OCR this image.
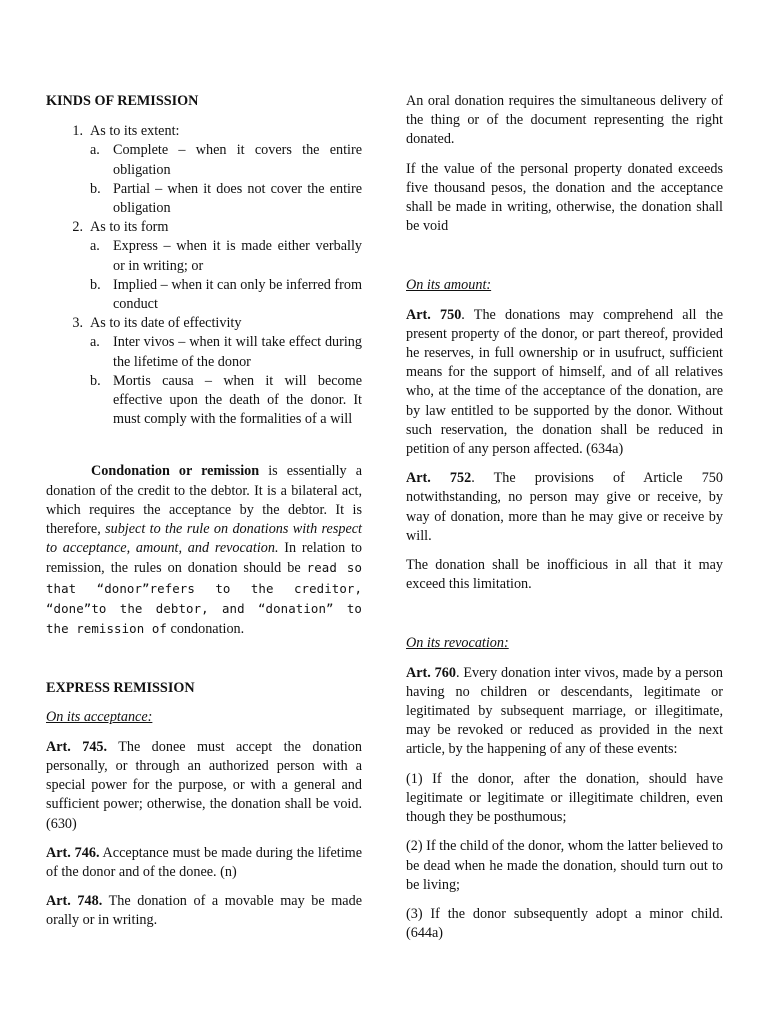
KINDS OF REMISSION

1. As to its extent:
a. Complete – when it covers the entire obligation
b. Partial – when it does not cover the entire obligation
2. As to its form
a. Express – when it is made either verbally or in writing; or
b. Implied – when it can only be inferred from conduct
3. As to its date of effectivity
a. Inter vivos – when it will take effect during the lifetime of the donor
b. Mortis causa – when it will become effective upon the death of the donor. It must comply with the formalities of a will

Condonation or remission is essentially a donation of the credit to the debtor. It is a bilateral act, which requires the acceptance by the debtor. It is therefore, subject to the rule on donations with respect to acceptance, amount, and revocation. In relation to remission, the rules on donation should be read so that “donor”refers to the creditor, “done”to the debtor, and “donation” to the remission of condonation.

EXPRESS REMISSION

On its acceptance:

Art. 745. The donee must accept the donation personally, or through an authorized person with a special power for the purpose, or with a general and sufficient power; otherwise, the donation shall be void. (630)

Art. 746. Acceptance must be made during the lifetime of the donor and of the donee. (n)

Art. 748. The donation of a movable may be made orally or in writing.

An oral donation requires the simultaneous delivery of the thing or of the document representing the right donated.

If the value of the personal property donated exceeds five thousand pesos, the donation and the acceptance shall be made in writing, otherwise, the donation shall be void

On its amount:

Art. 750. The donations may comprehend all the present property of the donor, or part thereof, provided he reserves, in full ownership or in usufruct, sufficient means for the support of himself, and of all relatives who, at the time of the acceptance of the donation, are by law entitled to be supported by the donor. Without such reservation, the donation shall be reduced in petition of any person affected. (634a)

Art. 752. The provisions of Article 750 notwithstanding, no person may give or receive, by way of donation, more than he may give or receive by will.

The donation shall be inofficious in all that it may exceed this limitation.

On its revocation:

Art. 760. Every donation inter vivos, made by a person having no children or descendants, legitimate or legitimated by subsequent marriage, or illegitimate, may be revoked or reduced as provided in the next article, by the happening of any of these events:

(1) If the donor, after the donation, should have legitimate or legitimate or illegitimate children, even though they be posthumous;

(2) If the child of the donor, whom the latter believed to be dead when he made the donation, should turn out to be living;

(3) If the donor subsequently adopt a minor child. (644a)
